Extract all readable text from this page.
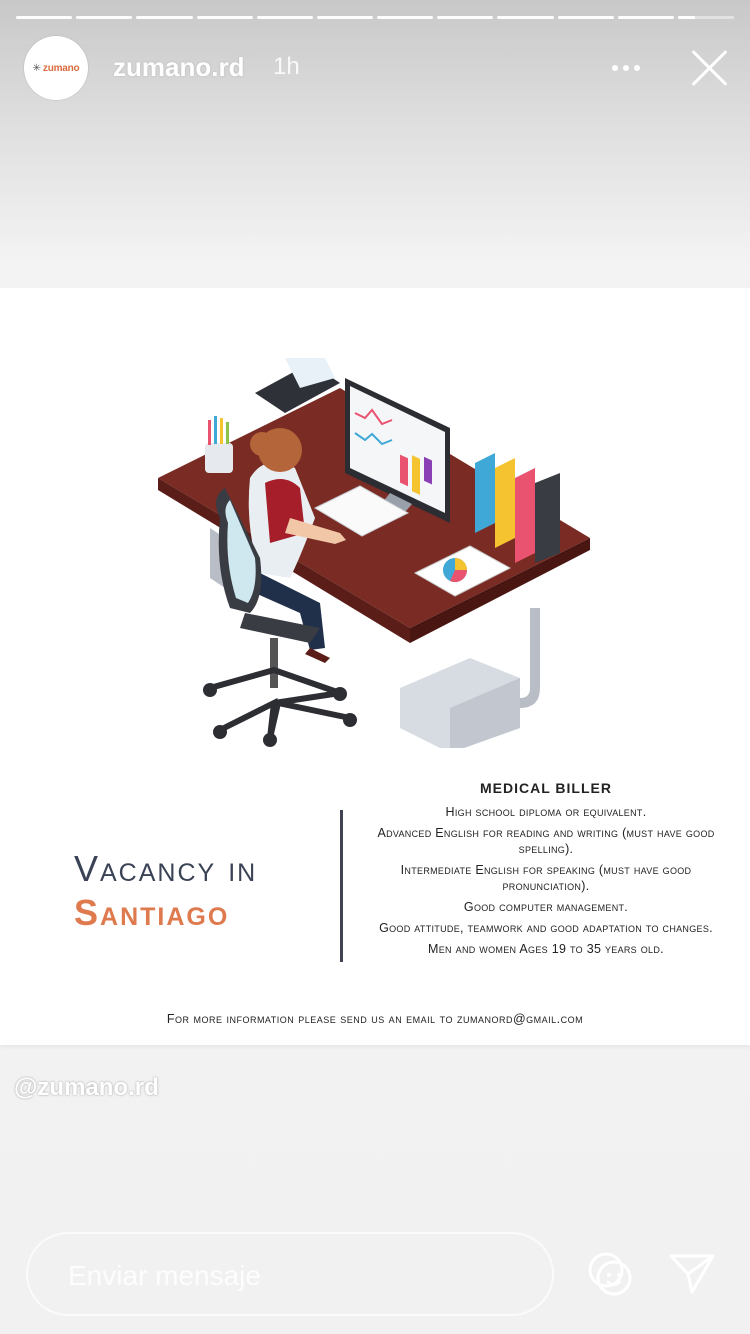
✳ zumano zumano.rd 1h
Vacancy in
Santiago
MEDICAL BILLER
High school diploma or equivalent.
Advanced English for reading and writing (must have good spelling).
Intermediate English for speaking (must have good pronunciation).
Good computer management.
Good attitude, teamwork and good adaptation to changes.
Men and women Ages 19 to 35 years old.
For more information please send us an email to zumanord@gmail.com
@zumano.rd
Enviar mensaje
